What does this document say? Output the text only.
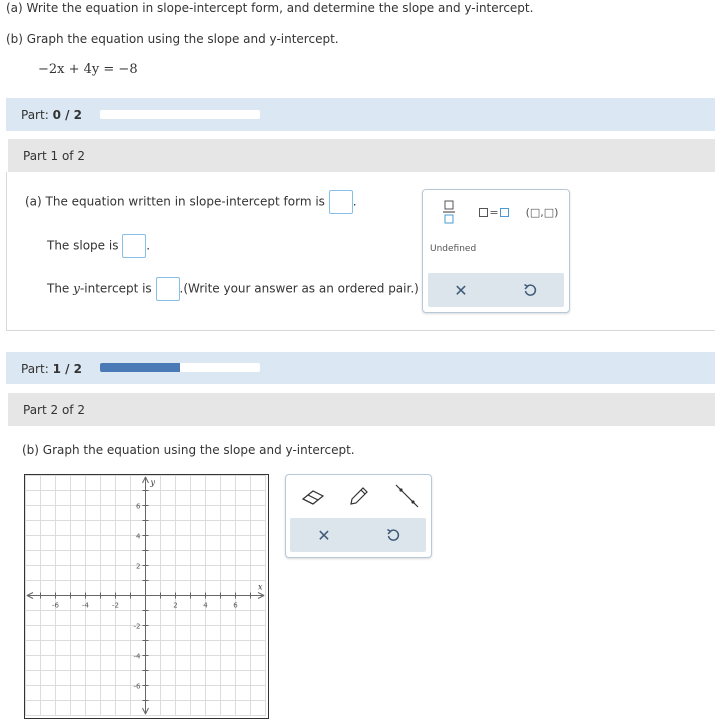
(a) Write the equation in slope-intercept form, and determine the slope and y-intercept.
(b) Graph the equation using the slope and y-intercept.
−2x + 4y = −8
Part: 0 / 2
Part 1 of 2
(a) The equation written in slope-intercept form is .
The slope is .
The y-intercept is .(Write your answer as an ordered pair.)
= (□,□)
Undefined
✕
Part: 1 / 2
Part 2 of 2
(b) Graph the equation using the slope and y-intercept.
-6	-4	-2	2	4	6
6
4
2
-2
-4
-6
x
y
✕
